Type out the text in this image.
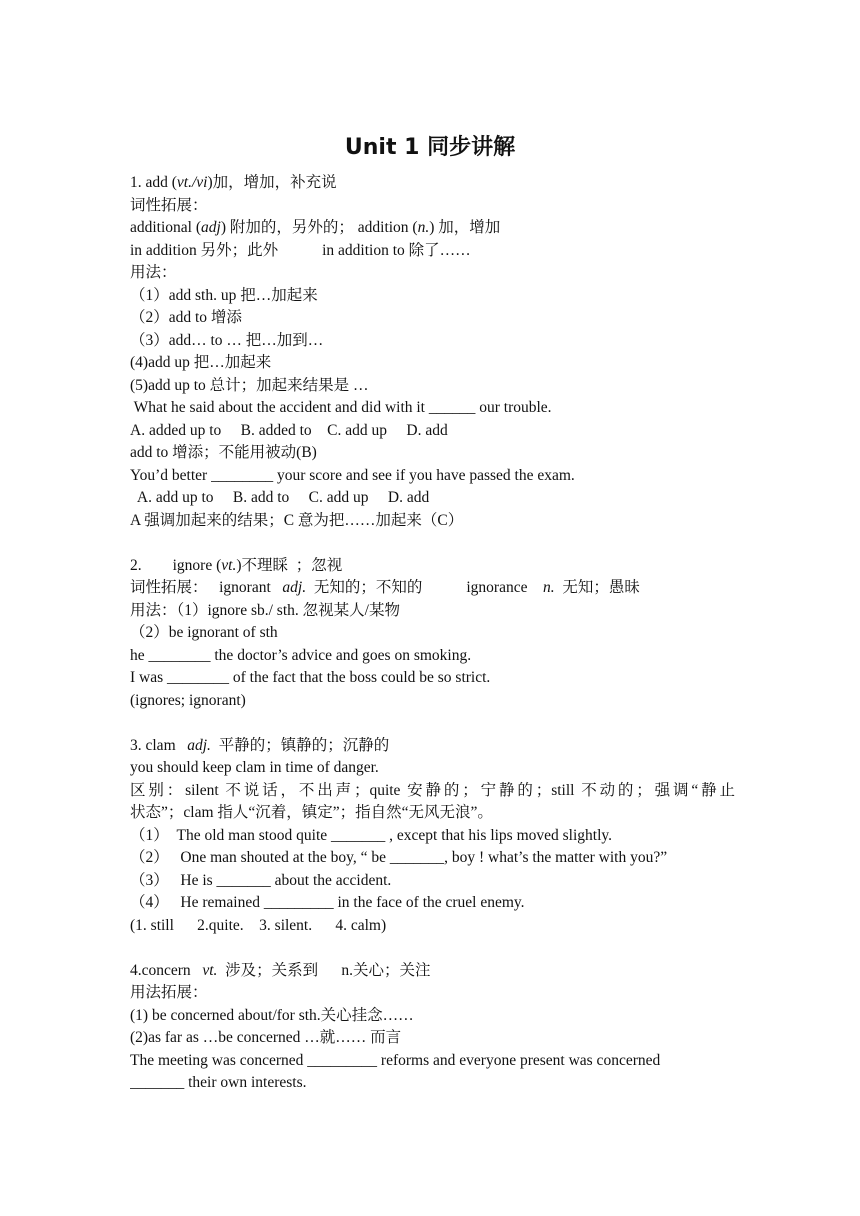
Unit 1 同步讲解
1. add (vt./vi)加，增加，补充说
词性拓展：
additional (adj) 附加的，另外的； addition (n.) 加，增加
in addition 另外；此外	in addition to 除了……
用法：
（1）add sth. up 把…加起来
（2）add to 增添
（3）add… to … 把…加到…
(4)add up 把…加起来
(5)add up to 总计；加起来结果是 …
What he said about the accident and did with it ______ our trouble.
A. added up to     B. added to    C. add up     D. add
add to 增添；不能用被动(B)
You’d better ________ your score and see if you have passed the exam.
A. add up to     B. add to     C. add up     D. add
A 强调加起来的结果；C 意为把……加起来（C）
2.        ignore (vt.)不理睬  ；忽视
词性拓展：   ignorant   adj.  无知的；不知的	ignorance    n.  无知；愚昧
用法：（1）ignore sb./ sth. 忽视某人/某物
（2）be ignorant of sth
he ________ the doctor’s advice and goes on smoking.
I was ________ of the fact that the boss could be so strict.
(ignores; ignorant)
3. clam   adj.  平静的；镇静的；沉静的
you should keep clam in time of danger.
区别：silent 不说话，不出声；quite 安静的；宁静的；still 不动的；强调“静止
状态”；clam 指人“沉着，镇定”；指自然“无风无浪”。
（1）  The old man stood quite _______ , except that his lips moved slightly.
（2）   One man shouted at the boy, “ be _______, boy ! what’s the matter with you?”
（3）   He is _______ about the accident.
（4）   He remained _________ in the face of the cruel enemy.
(1. still      2.quite.    3. silent.      4. calm)
4.concern   vt.  涉及；关系到      n.关心；关注
用法拓展：
(1) be concerned about/for sth.关心挂念……
(2)as far as …be concerned …就…… 而言
The meeting was concerned _________ reforms and everyone present was concerned
_______ their own interests.
